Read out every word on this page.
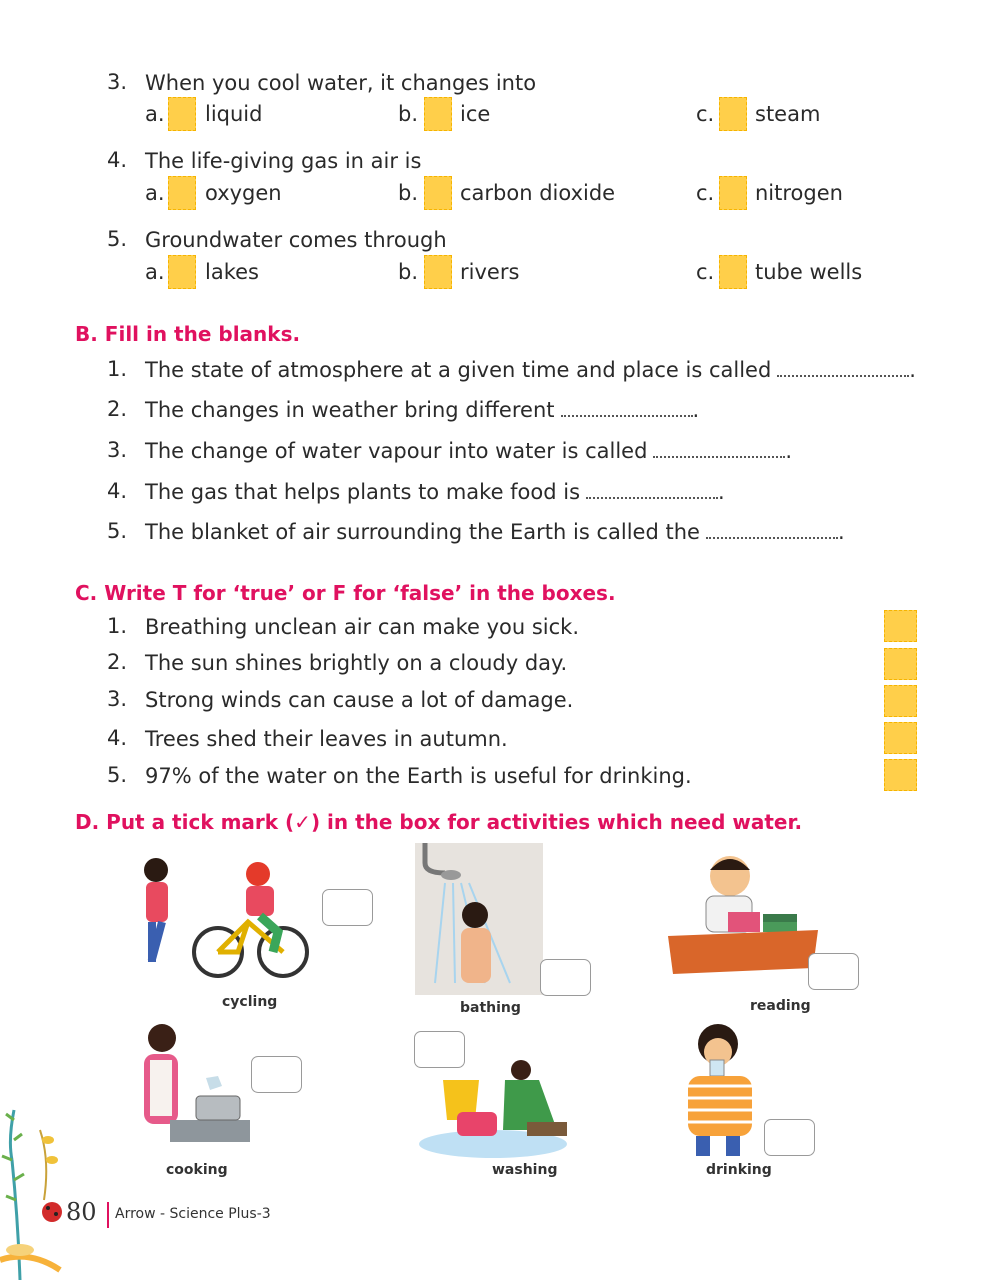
3. When you cool water, it changes into
a. liquid	b. ice	c. steam
4. The life-giving gas in air is
a. oxygen	b. carbon dioxide	c. nitrogen
5. Groundwater comes through
a. lakes	b. rivers	c. tube wells
B. Fill in the blanks.
1. The state of atmosphere at a given time and place is called	.
2. The changes in weather bring different	.
3. The change of water vapour into water is called	.
4. The gas that helps plants to make food is	.
5. The blanket of air surrounding the Earth is called the	.
C. Write T for ‘true’ or F for ‘false’ in the boxes.
1. Breathing unclean air can make you sick.
2. The sun shines brightly on a cloudy day.
3. Strong winds can cause a lot of damage.
4. Trees shed their leaves in autumn.
5. 97% of the water on the Earth is useful for drinking.
D. Put a tick mark (✓) in the box for activities which need water.
cycling	bathing	reading
cooking	washing	drinking
80 Arrow - Science Plus-3
